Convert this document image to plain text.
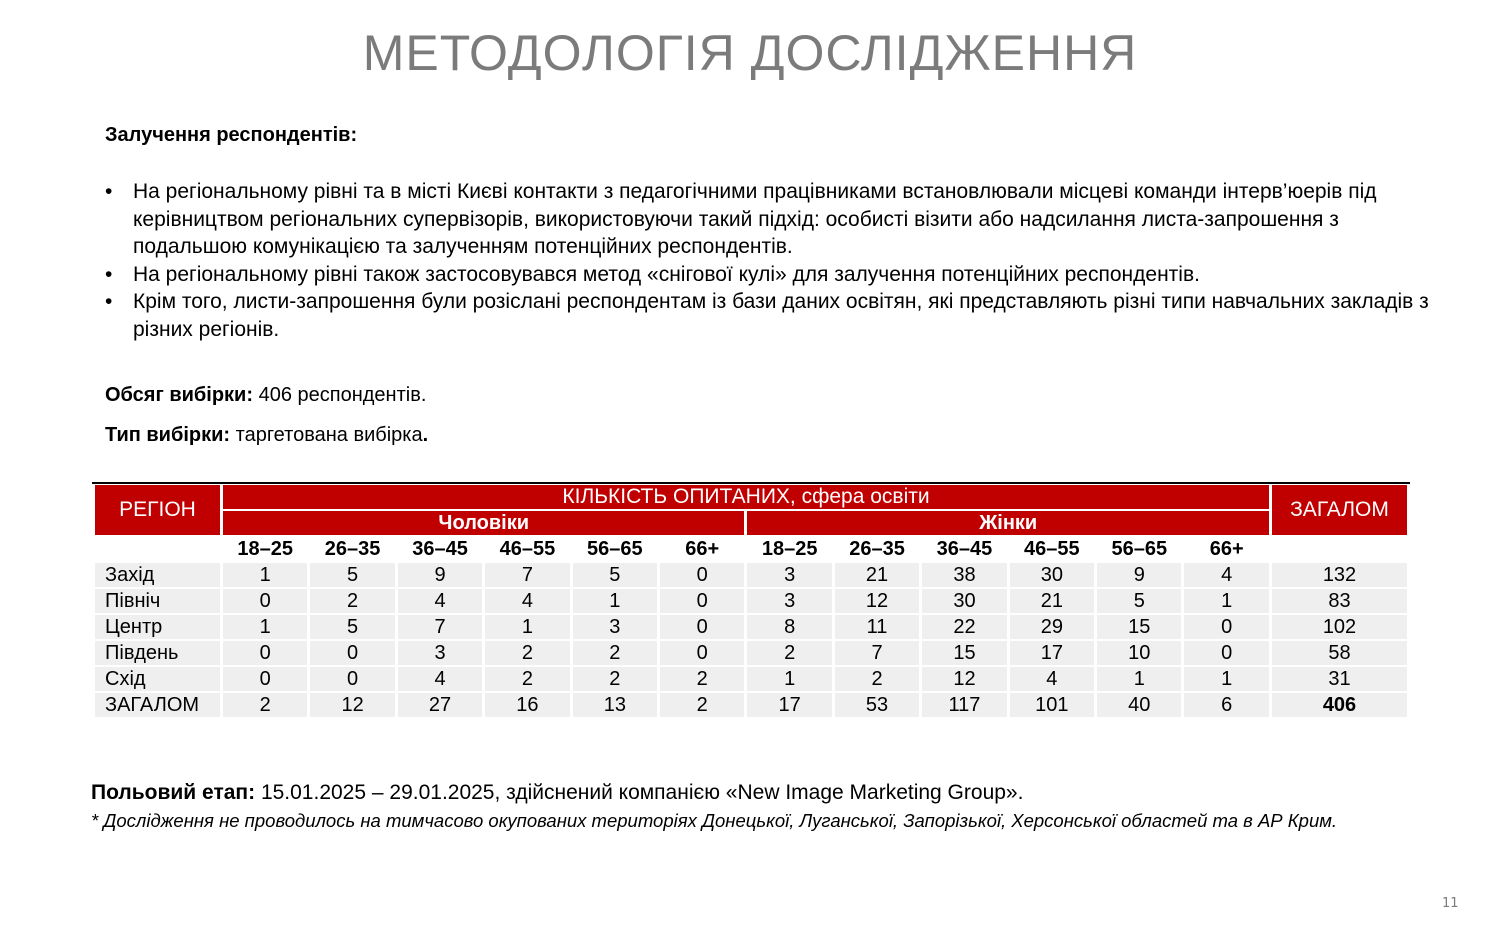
МЕТОДОЛОГІЯ ДОСЛІДЖЕННЯ
Залучення респондентів:
• На регіональному рівні та в місті Києві контакти з педагогічними працівниками встановлювали місцеві команди інтерв’юерів під керівництвом регіональних супервізорів, використовуючи такий підхід: особисті візити або надсилання листа-запрошення з подальшою комунікацією та залученням потенційних респондентів.
• На регіональному рівні також застосовувався метод «снігової кулі» для залучення потенційних респондентів.
• Крім того, листи-запрошення були розіслані респондентам із бази даних освітян, які представляють різні типи навчальних закладів з різних регіонів.
Обсяг вибірки: 406 респондентів.
Тип вибірки: таргетована вибірка.
РЕГІОН	КІЛЬКІСТЬ ОПИТАНИХ, сфера освіти												ЗАГАЛОМ
	Чоловіки						Жінки						
	18–25	26–35	36–45	46–55	56–65	66+	18–25	26–35	36–45	46–55	56–65	66+	
Захід	1	5	9	7	5	0	3	21	38	30	9	4	132
Північ	0	2	4	4	1	0	3	12	30	21	5	1	83
Центр	1	5	7	1	3	0	8	11	22	29	15	0	102
Південь	0	0	3	2	2	0	2	7	15	17	10	0	58
Схід	0	0	4	2	2	2	1	2	12	4	1	1	31
ЗАГАЛОМ	2	12	27	16	13	2	17	53	117	101	40	6	406
Польовий етап: 15.01.2025 – 29.01.2025, здійснений компанією «New Image Marketing Group».
* Дослідження не проводилось на тимчасово окупованих територіях Донецької, Луганської, Запорізької, Херсонської областей та в АР Крим.
11
